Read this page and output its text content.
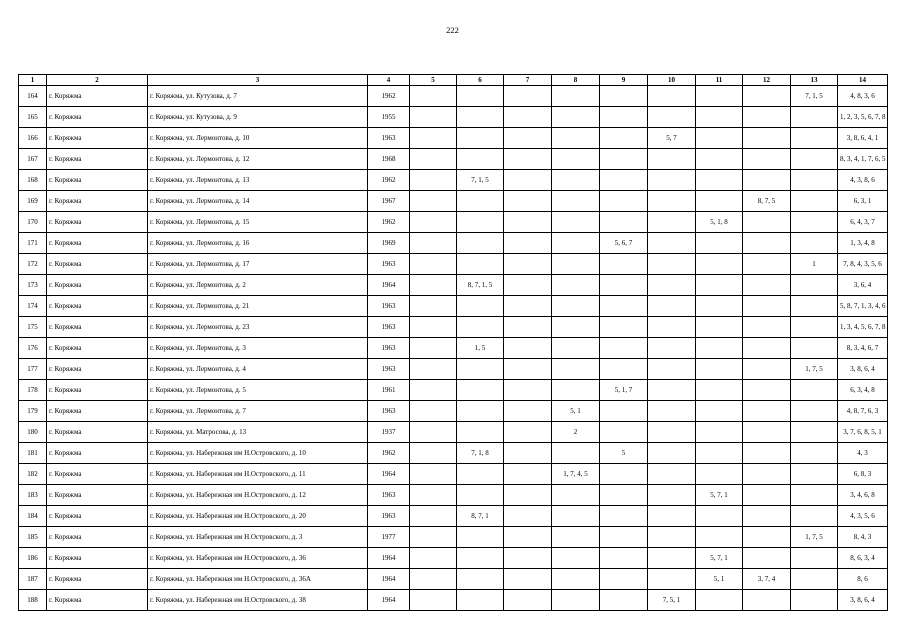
222
1	2	3	4	5	6	7	8	9	10	11	12	13	14
164	г. Коряжма	г. Коряжма, ул. Кутузова, д. 7	1962									7, 1, 5	4, 8, 3, 6
165	г. Коряжма	г. Коряжма, ул. Кутузова, д. 9	1955										1, 2, 3, 5, 6, 7, 8
166	г. Коряжма	г. Коряжма, ул. Лермонтова, д. 10	1963						5, 7				3, 8, 6, 4, 1
167	г. Коряжма	г. Коряжма, ул. Лермонтова, д. 12	1968										8, 3, 4, 1, 7, 6, 5
168	г. Коряжма	г. Коряжма, ул. Лермонтова, д. 13	1962		7, 1, 5								4, 3, 8, 6
169	г. Коряжма	г. Коряжма, ул. Лермонтова, д. 14	1967								8, 7, 5		6, 3, 1
170	г. Коряжма	г. Коряжма, ул. Лермонтова, д. 15	1962							5, 1, 8			6, 4, 3, 7
171	г. Коряжма	г. Коряжма, ул. Лермонтова, д. 16	1969					5, 6, 7					1, 3, 4, 8
172	г. Коряжма	г. Коряжма, ул. Лермонтова, д. 17	1963									1	7, 8, 4, 3, 5, 6
173	г. Коряжма	г. Коряжма, ул. Лермонтова, д. 2	1964		8, 7, 1, 5								3, 6, 4
174	г. Коряжма	г. Коряжма, ул. Лермонтова, д. 21	1963										5, 8, 7, 1, 3, 4, 6
175	г. Коряжма	г. Коряжма, ул. Лермонтова, д. 23	1963										1, 3, 4, 5, 6, 7, 8
176	г. Коряжма	г. Коряжма, ул. Лермонтова, д. 3	1963		1, 5								8, 3, 4, 6, 7
177	г. Коряжма	г. Коряжма, ул. Лермонтова, д. 4	1963									1, 7, 5	3, 8, 6, 4
178	г. Коряжма	г. Коряжма, ул. Лермонтова, д. 5	1961					5, 1, 7					6, 3, 4, 8
179	г. Коряжма	г. Коряжма, ул. Лермонтова, д. 7	1963				5, 1						4, 8, 7, 6, 3
180	г. Коряжма	г. Коряжма, ул. Матросова, д. 13	1937				2						3, 7, 6, 8, 5, 1
181	г. Коряжма	г. Коряжма, ул. Набережная им Н.Островского, д. 10	1962		7, 1, 8			5					4, 3
182	г. Коряжма	г. Коряжма, ул. Набережная им Н.Островского, д. 11	1964				1, 7, 4, 5						6, 8, 3
183	г. Коряжма	г. Коряжма, ул. Набережная им Н.Островского, д. 12	1963							5, 7, 1			3, 4, 6, 8
184	г. Коряжма	г. Коряжма, ул. Набережная им Н.Островского, д. 20	1963		8, 7, 1								4, 3, 5, 6
185	г. Коряжма	г. Коряжма, ул. Набережная им Н.Островского, д. 3	1977									1, 7, 5	8, 4, 3
186	г. Коряжма	г. Коряжма, ул. Набережная им Н.Островского, д. 36	1964							5, 7, 1			8, 6, 3, 4
187	г. Коряжма	г. Коряжма, ул. Набережная им Н.Островского, д. 36А	1964							5, 1	3, 7, 4		8, 6
188	г. Коряжма	г. Коряжма, ул. Набережная им Н.Островского, д. 38	1964						7, 5, 1				3, 8, 6, 4
